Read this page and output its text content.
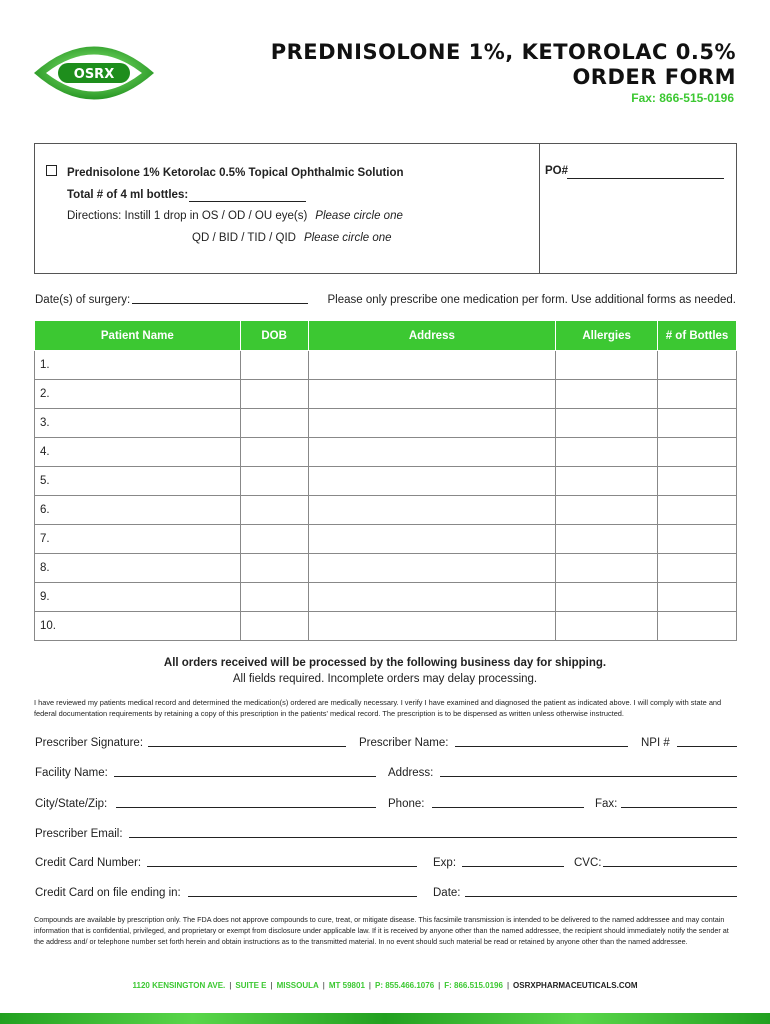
OSRX
PREDNISOLONE 1%, KETOROLAC 0.5%
ORDER FORM
Fax: 866-515-0196
Prednisolone 1% Ketorolac 0.5% Topical Ophthalmic Solution	PO#
Total # of 4 ml bottles:
Directions: Instill 1 drop in OS / OD / OU eye(s) Please circle one
QD / BID / TID / QID Please circle one
Date(s) of surgery:	Please only prescribe one medication per form. Use additional forms as needed.
Patient Name	DOB	Address	Allergies	# of Bottles
1.				
2.				
3.				
4.				
5.				
6.				
7.				
8.				
9.				
10.				
All orders received will be processed by the following business day for shipping.
All fields required. Incomplete orders may delay processing.
I have reviewed my patients medical record and determined the medication(s) ordered are medically necessary. I verify I have examined and diagnosed the patient as indicated above. I will comply with state and federal documentation requirements by retaining a copy of this prescription in the patients' medical record. The prescription is to be dispensed as written unless otherwise instructed.
Prescriber Signature:	Prescriber Name:	NPI #
Facility Name:	Address:
City/State/Zip:	Phone:	Fax:
Prescriber Email:
Credit Card Number:	Exp:	CVC:
Credit Card on file ending in:	Date:
Compounds are available by prescription only. The FDA does not approve compounds to cure, treat, or mitigate disease. This facsimile transmission is intended to be delivered to the named addressee and may contain information that is confidential, privileged, and proprietary or exempt from disclosure under applicable law. If it is received by anyone other than the named addressee, the recipient should immediately notify the sender at the address and/ or telephone number set forth herein and obtain instructions as to the transmitted material. In no event should such material be read or retained by anyone other than the named addressee.
1120 KENSINGTON AVE. | SUITE E | MISSOULA | MT 59801 | P: 855.466.1076 | F: 866.515.0196 | OSRXPHARMACEUTICALS.COM
